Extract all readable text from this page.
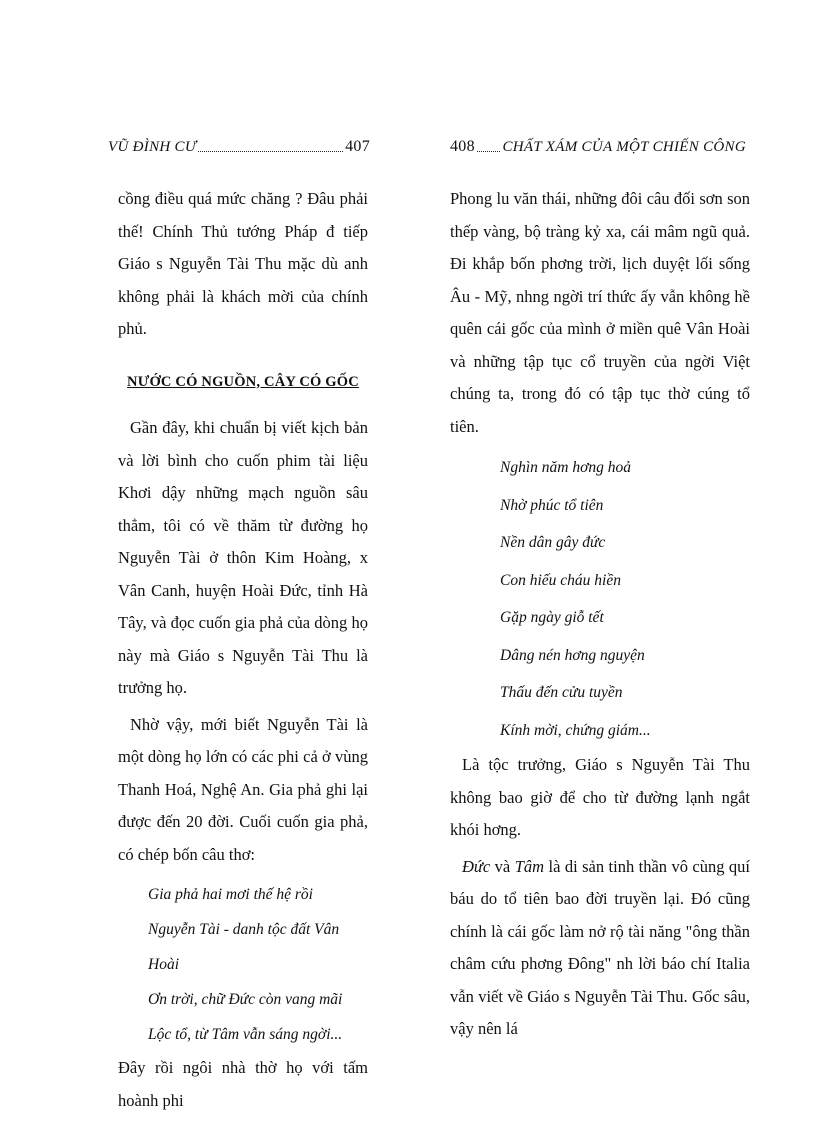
VŨ ĐÌNH CƯ	407

cồng điều quá mức chăng ? Đâu phải thế! Chính Thủ tướng Pháp đ tiếp Giáo s Nguyễn Tài Thu mặc dù anh không phải là khách mời của chính phủ.

NƯỚC CÓ NGUỒN, CÂY CÓ GỐC

Gần đây, khi chuẩn bị viết kịch bản và lời bình cho cuốn phim tài liệu Khơi dậy những mạch nguồn sâu thẳm, tôi có về thăm từ đường họ Nguyễn Tài ở thôn Kim Hoàng, x Vân Canh, huyện Hoài Đức, tỉnh Hà Tây, và đọc cuốn gia phả của dòng họ này mà Giáo s Nguyễn Tài Thu là trưởng họ.

Nhờ vậy, mới biết Nguyễn Tài là một dòng họ lớn có các phi cả ở vùng Thanh Hoá, Nghệ An. Gia phả ghi lại được đến 20 đời. Cuối cuốn gia phả, có chép bốn câu thơ:

Gia phả hai mơi thế hệ rồi

Nguyễn Tài - danh tộc đất Vân Hoài

Ơn trời, chữ Đức còn vang mãi

Lộc tổ, từ Tâm vẫn sáng ngời...

Đây rồi ngôi nhà thờ họ với tấm hoành phi

408 CHẤT XÁM CỦA MỘT CHIẾN CÔNG

Phong lu văn thái, những đôi câu đối sơn son thếp vàng, bộ tràng kỷ xa, cái mâm ngũ quả. Đi khắp bốn phơng trời, lịch duyệt lối sống Âu - Mỹ, nhng ngời trí thức ấy vẫn không hề quên cái gốc của mình ở miền quê Vân Hoài và những tập tục cổ truyền của ngời Việt chúng ta, trong đó có tập tục thờ cúng tổ tiên.

Nghìn năm hơng hoả

Nhờ phúc tổ tiên

Nền dân gây đức

Con hiếu cháu hiền

Gặp ngày giỗ tết

Dâng nén hơng nguyện

Thấu đến cửu tuyền

Kính mời, chứng giám...

Là tộc trưởng, Giáo s Nguyễn Tài Thu không bao giờ để cho từ đường lạnh ngắt khói hơng.

Đức và Tâm là di sản tinh thần vô cùng quí báu do tổ tiên bao đời truyền lại. Đó cũng chính là cái gốc làm nở rộ tài năng "ông thần châm cứu phơng Đông" nh lời báo chí Italia vẫn viết về Giáo s Nguyễn Tài Thu. Gốc sâu, vậy nên lá
